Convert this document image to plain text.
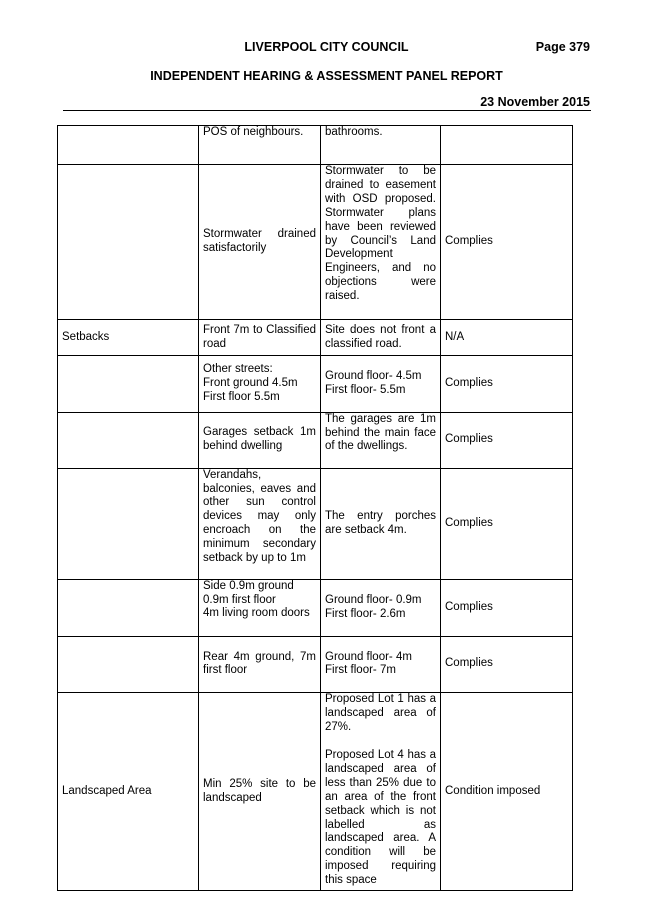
LIVERPOOL CITY COUNCIL	Page 379
INDEPENDENT HEARING & ASSESSMENT PANEL REPORT
23 November 2015
	POS of neighbours.	bathrooms.	

	Stormwater drained satisfactorily	Stormwater to be drained to easement with OSD proposed. Stormwater plans have been reviewed by Council’s Land Development Engineers, and no objections were raised.	Complies
Setbacks	Front 7m to Classified road	Site does not front a classified road.	N/A
	Other streets:
Front ground 4.5m
First floor 5.5m	Ground floor- 4.5m
First floor- 5.5m	Complies
	Garages setback 1m behind dwelling	The garages are 1m behind the main face of the dwellings.	Complies
	Verandahs, balconies, eaves and other sun control devices may only encroach on the minimum secondary setback by up to 1m	The entry porches are setback 4m.	Complies
	Side 0.9m ground
0.9m first floor
4m living room doors	Ground floor- 0.9m
First floor- 2.6m	Complies
	Rear 4m ground, 7m first floor	Ground floor- 4m
First floor- 7m	Complies
Landscaped Area	Min 25% site to be landscaped	Proposed Lot 1 has a landscaped area of 27%.
Proposed Lot 4 has a landscaped area of less than 25% due to an area of the front setback which is not labelled as landscaped area. A condition will be imposed requiring this space	Condition imposed
